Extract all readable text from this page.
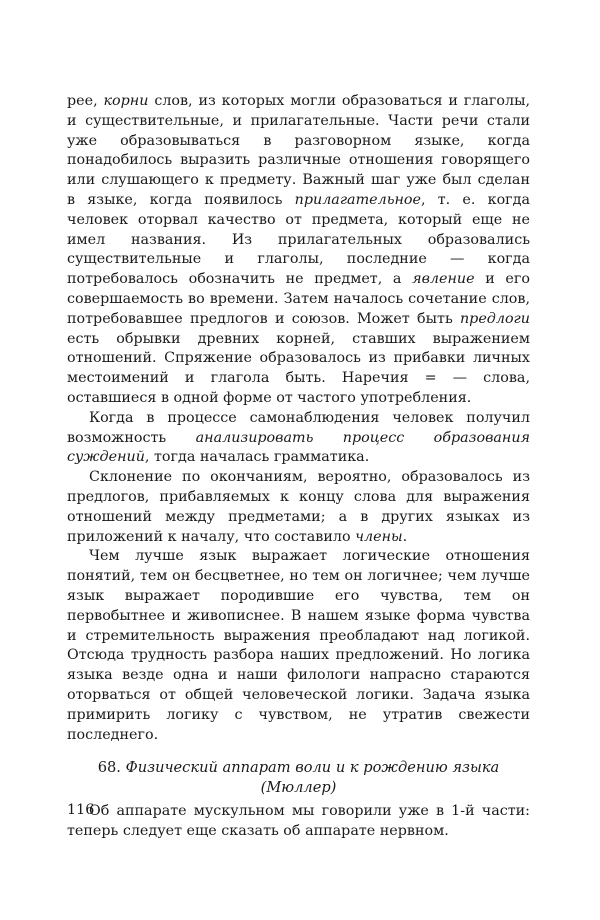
рее, корни слов, из которых могли образоваться и глаголы, и существительные, и прилагательные. Части речи стали уже образовываться в разговорном языке, когда понадобилось выразить различные отношения говорящего или слушающего к предмету. Важный шаг уже был сделан в языке, когда появилось прилагательное, т. е. когда человек оторвал качество от предмета, который еще не имел названия. Из прилагательных образовались существительные и глаголы, последние — когда потребовалось обозначить не предмет, а явление и его совершаемость во времени. Затем началось сочетание слов, потребовавшее предлогов и союзов. Может быть предлоги есть обрывки древних корней, ставших выражением отношений. Спряжение образовалось из прибавки личных местоимений и глагола быть. Наречия = — слова, оставшиеся в одной форме от частого употребления.

Когда в процессе самонаблюдения человек получил возможность анализировать процесс образования суждений, тогда началась грамматика.

Склонение по окончаниям, вероятно, образовалось из предлогов, прибавляемых к концу слова для выражения отношений между предметами; а в других языках из приложений к началу, что составило члены.

Чем лучше язык выражает логические отношения понятий, тем он бесцветнее, но тем он логичнее; чем лучше язык выражает породившие его чувства, тем он первобытнее и живописнее. В нашем языке форма чувства и стремительность выражения преобладают над логикой. Отсюда трудность разбора наших предложений. Но логика языка везде одна и наши филологи напрасно стараются оторваться от общей человеческой логики. Задача языка примирить логику с чувством, не утратив свежести последнего.

68. Физический аппарат воли и к рождению языка
(Мюллер)

Об аппарате мускульном мы говорили уже в 1-й части: теперь следует еще сказать об аппарате нервном.

116
